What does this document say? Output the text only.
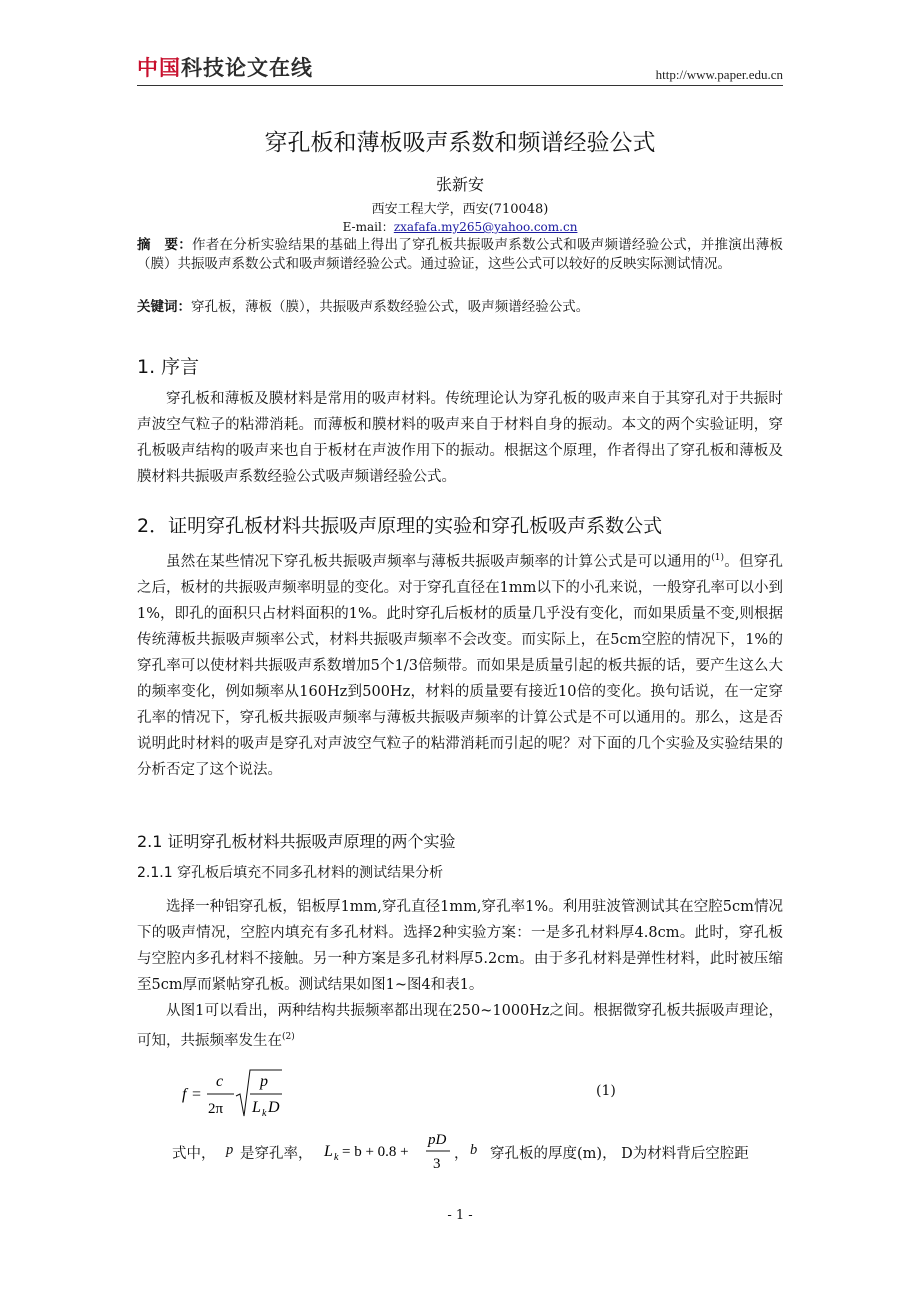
中国科技论文在线	http://www.paper.edu.cn
穿孔板和薄板吸声系数和频谱经验公式
张新安
西安工程大学，西安(710048)
E-mail：zxafafa.my265@yahoo.com.cn
摘　要：作者在分析实验结果的基础上得出了穿孔板共振吸声系数公式和吸声频谱经验公式，并推演出薄板（膜）共振吸声系数公式和吸声频谱经验公式。通过验证，这些公式可以较好的反映实际测试情况。
关键词：穿孔板，薄板（膜），共振吸声系数经验公式，吸声频谱经验公式。
1. 序言
穿孔板和薄板及膜材料是常用的吸声材料。传统理论认为穿孔板的吸声来自于其穿孔对于共振时声波空气粒子的粘滞消耗。而薄板和膜材料的吸声来自于材料自身的振动。本文的两个实验证明，穿孔板吸声结构的吸声来也自于板材在声波作用下的振动。根据这个原理，作者得出了穿孔板和薄板及膜材料共振吸声系数经验公式吸声频谱经验公式。
2．证明穿孔板材料共振吸声原理的实验和穿孔板吸声系数公式
虽然在某些情况下穿孔板共振吸声频率与薄板共振吸声频率的计算公式是可以通用的$^{(1)}$。但穿孔之后，板材的共振吸声频率明显的变化。对于穿孔直径在1mm以下的小孔来说，一般穿孔率可以小到1%，即孔的面积只占材料面积的1%。此时穿孔后板材的质量几乎没有变化，而如果质量不变,则根据传统薄板共振吸声频率公式，材料共振吸声频率不会改变。而实际上，在5cm空腔的情况下，1%的穿孔率可以使材料共振吸声系数增加5个1/3倍频带。而如果是质量引起的板共振的话，要产生这么大的频率变化，例如频率从160Hz到500Hz，材料的质量要有接近10倍的变化。换句话说，在一定穿孔率的情况下，穿孔板共振吸声频率与薄板共振吸声频率的计算公式是不可以通用的。那么，这是否说明此时材料的吸声是穿孔对声波空气粒子的粘滞消耗而引起的呢？对下面的几个实验及实验结果的分析否定了这个说法。
2.1 证明穿孔板材料共振吸声原理的两个实验
2.1.1 穿孔板后填充不同多孔材料的测试结果分析
选择一种铝穿孔板，铝板厚1mm,穿孔直径1mm,穿孔率1%。利用驻波管测试其在空腔5cm情况下的吸声情况，空腔内填充有多孔材料。选择2种实验方案：一是多孔材料厚4.8cm。此时，穿孔板与空腔内多孔材料不接触。另一种方案是多孔材料厚5.2cm。由于多孔材料是弹性材料，此时被压缩至5cm厚而紧帖穿孔板。测试结果如图1~图4和表1。
从图1可以看出，两种结构共振频率都出现在250~1000Hz之间。根据微穿孔板共振吸声理论，可知，共振频率发生在$^{(2)}$
f =
c
2π
p
L k D
(1)
式中， p 是穿孔率， L k = b + 0.8 +
pD
3
， b 穿孔板的厚度(m)， D为材料背后空腔距
- 1 -
